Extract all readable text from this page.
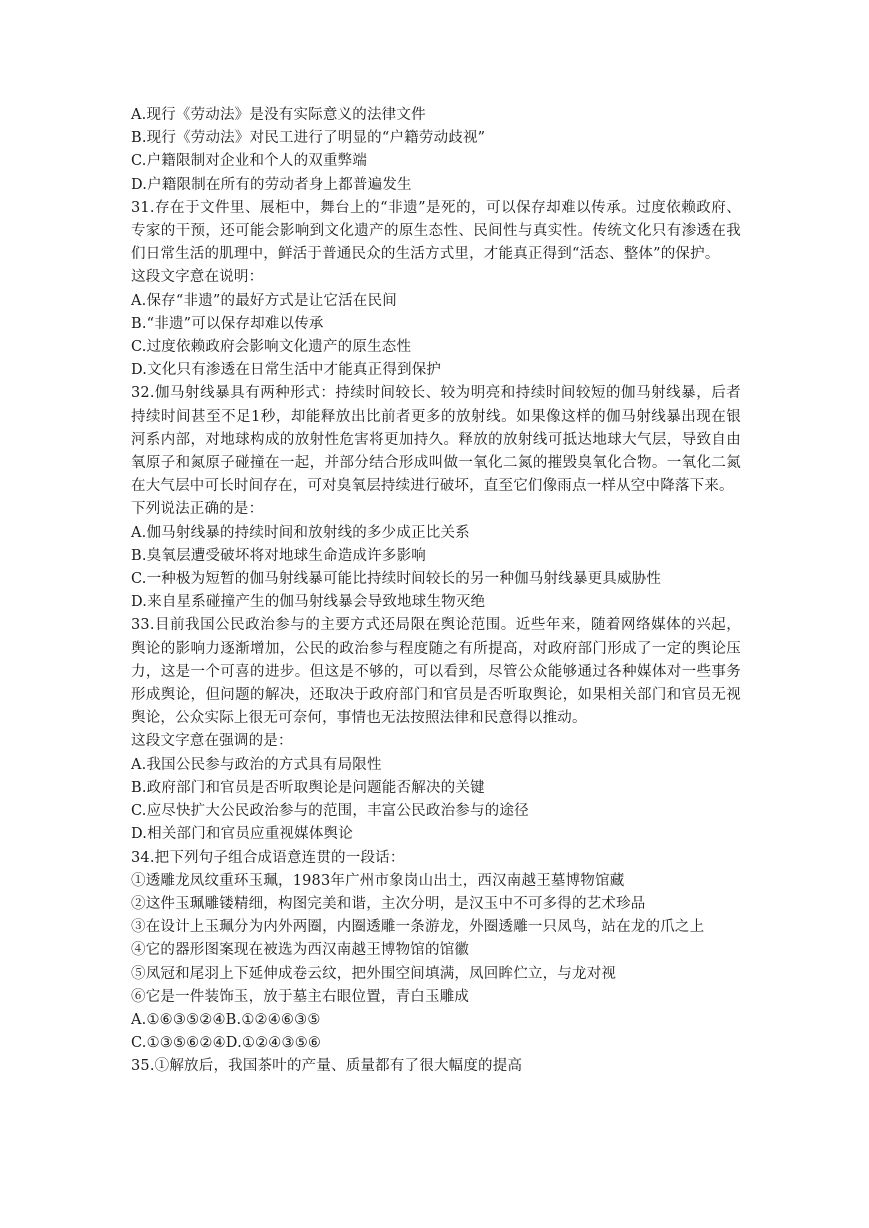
A.现行《劳动法》是没有实际意义的法律文件
B.现行《劳动法》对民工进行了明显的“户籍劳动歧视”
C.户籍限制对企业和个人的双重弊端
D.户籍限制在所有的劳动者身上都普遍发生
31.存在于文件里、展柜中，舞台上的“非遗”是死的，可以保存却难以传承。过度依赖政府、专家的干预，还可能会影响到文化遗产的原生态性、民间性与真实性。传统文化只有渗透在我们日常生活的肌理中，鲜活于普通民众的生活方式里，才能真正得到“活态、整体”的保护。
这段文字意在说明：
A.保存“非遗”的最好方式是让它活在民间
B.“非遗”可以保存却难以传承
C.过度依赖政府会影响文化遗产的原生态性
D.文化只有渗透在日常生活中才能真正得到保护
32.伽马射线暴具有两种形式：持续时间较长、较为明亮和持续时间较短的伽马射线暴，后者持续时间甚至不足1秒，却能释放出比前者更多的放射线。如果像这样的伽马射线暴出现在银河系内部，对地球构成的放射性危害将更加持久。释放的放射线可抵达地球大气层，导致自由氧原子和氮原子碰撞在一起，并部分结合形成叫做一氧化二氮的摧毁臭氧化合物。一氧化二氮在大气层中可长时间存在，可对臭氧层持续进行破坏，直至它们像雨点一样从空中降落下来。
下列说法正确的是：
A.伽马射线暴的持续时间和放射线的多少成正比关系
B.臭氧层遭受破坏将对地球生命造成许多影响
C.一种极为短暂的伽马射线暴可能比持续时间较长的另一种伽马射线暴更具威胁性
D.来自星系碰撞产生的伽马射线暴会导致地球生物灭绝
33.目前我国公民政治参与的主要方式还局限在舆论范围。近些年来，随着网络媒体的兴起，舆论的影响力逐渐增加，公民的政治参与程度随之有所提高，对政府部门形成了一定的舆论压力，这是一个可喜的进步。但这是不够的，可以看到，尽管公众能够通过各种媒体对一些事务形成舆论，但问题的解决，还取决于政府部门和官员是否听取舆论，如果相关部门和官员无视舆论，公众实际上很无可奈何，事情也无法按照法律和民意得以推动。
这段文字意在强调的是：
A.我国公民参与政治的方式具有局限性
B.政府部门和官员是否听取舆论是问题能否解决的关键
C.应尽快扩大公民政治参与的范围，丰富公民政治参与的途径
D.相关部门和官员应重视媒体舆论
34.把下列句子组合成语意连贯的一段话：
①透雕龙凤纹重环玉珮，1983年广州市象岗山出土，西汉南越王墓博物馆藏
②这件玉珮雕镂精细，构图完美和谐，主次分明，是汉玉中不可多得的艺术珍品
③在设计上玉珮分为内外两圈，内圈透雕一条游龙，外圈透雕一只凤鸟，站在龙的爪之上
④它的器形图案现在被选为西汉南越王博物馆的馆徽
⑤凤冠和尾羽上下延伸成卷云纹，把外围空间填满，凤回眸伫立，与龙对视
⑥它是一件装饰玉，放于墓主右眼位置，青白玉雕成
A.①⑥③⑤②④B.①②④⑥③⑤
C.①③⑤⑥②④D.①②④③⑤⑥
35.①解放后，我国茶叶的产量、质量都有了很大幅度的提高
